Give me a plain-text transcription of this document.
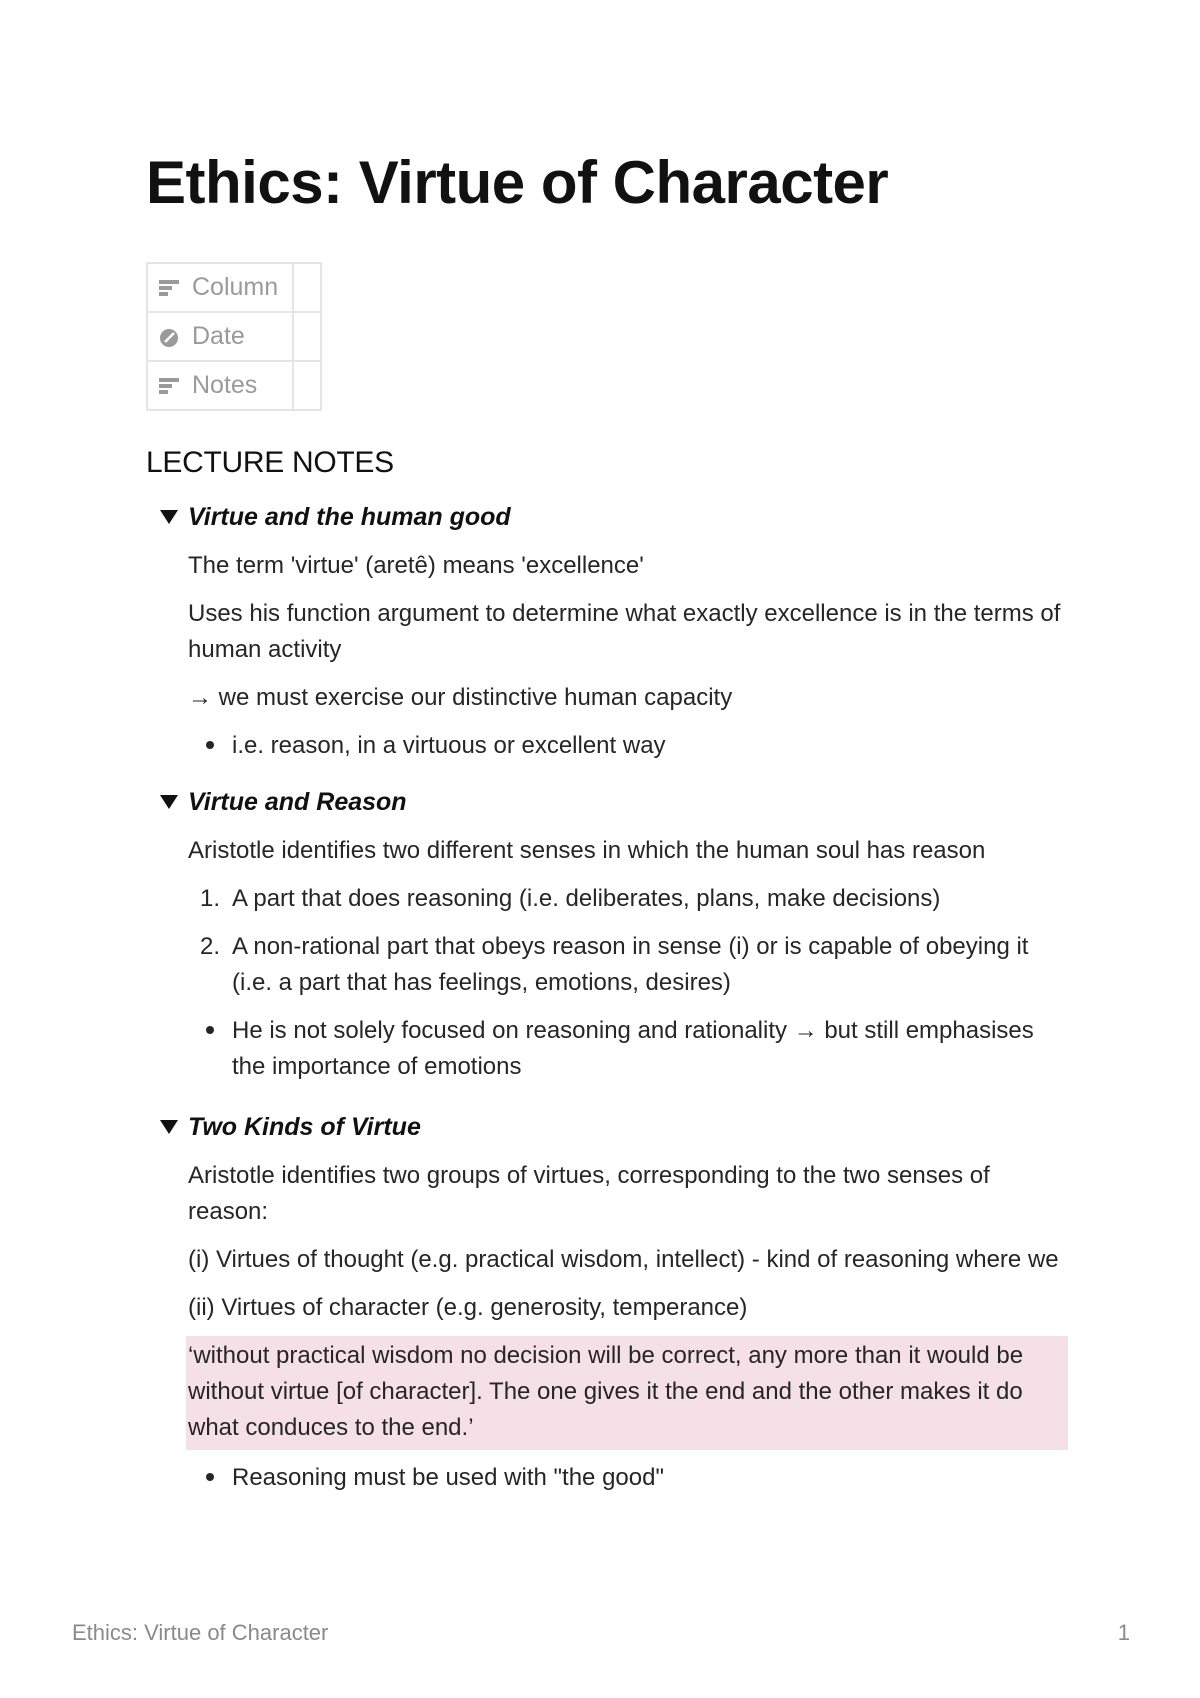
Ethics: Virtue of Character
Column	
Date	
Notes	
LECTURE NOTES
Virtue and the human good

The term 'virtue' (aretȇ) means 'excellence'

Uses his function argument to determine what exactly excellence is in the terms of human activity

→ we must exercise our distinctive human capacity

i.e. reason, in a virtuous or excellent way
Virtue and Reason

Aristotle identifies two different senses in which the human soul has reason

1. A part that does reasoning (i.e. deliberates, plans, make decisions)
2. A non-rational part that obeys reason in sense (i) or is capable of obeying it (i.e. a part that has feelings, emotions, desires)
He is not solely focused on reasoning and rationality → but still emphasises the importance of emotions
Two Kinds of Virtue

Aristotle identifies two groups of virtues, corresponding to the two senses of reason:

(i) Virtues of thought (e.g. practical wisdom, intellect) - kind of reasoning where we

(ii) Virtues of character (e.g. generosity, temperance)

‘without practical wisdom no decision will be correct, any more than it would be without virtue [of character]. The one gives it the end and the other makes it do what conduces to the end.’
Reasoning must be used with "the good"
Ethics: Virtue of Character	1
